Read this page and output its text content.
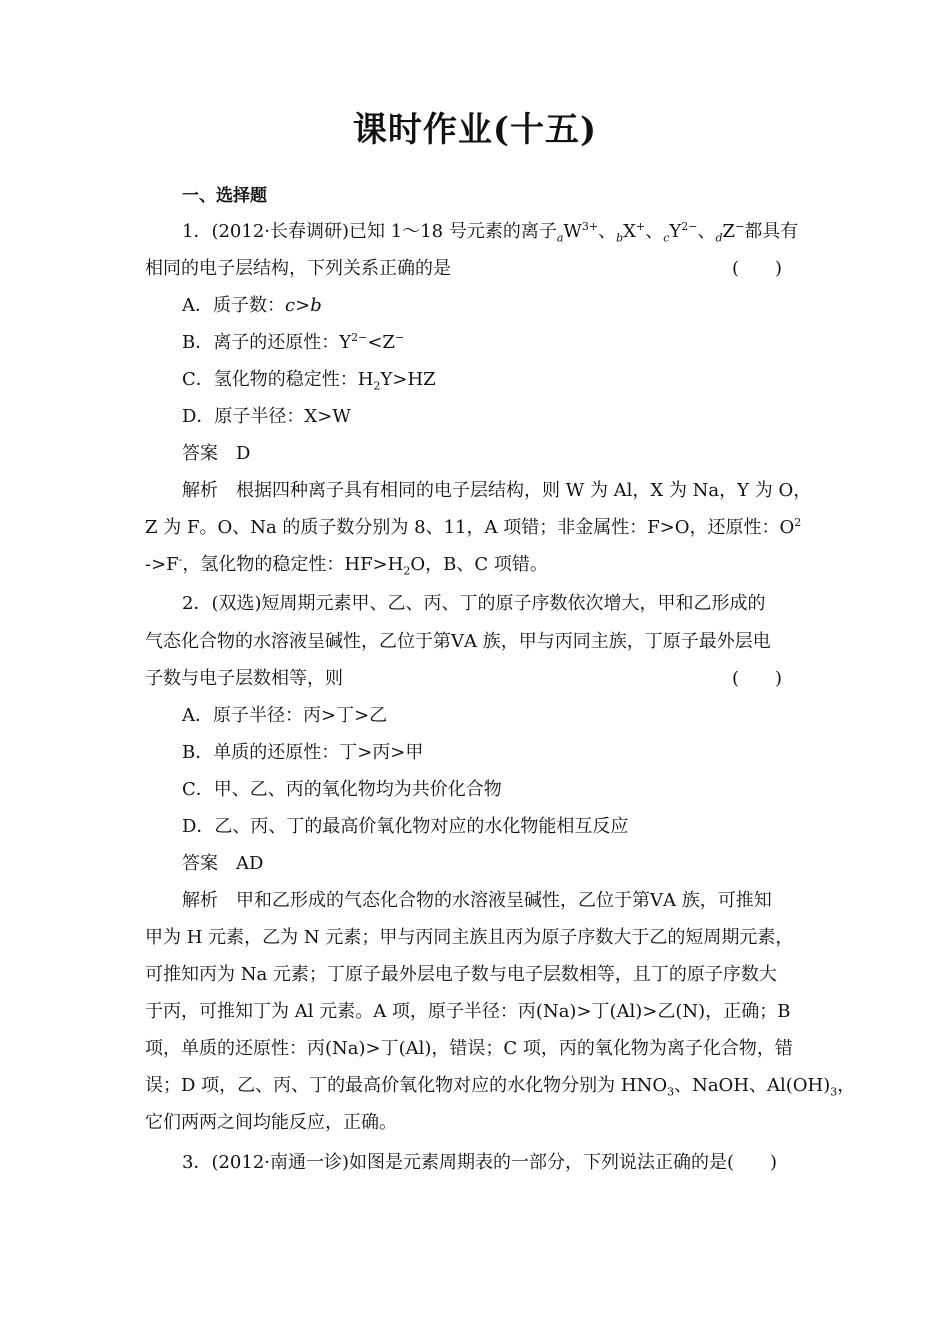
课时作业(十五)
一、选择题
1．(2012·长春调研)已知 1～18 号元素的离子$_aW^{3+}$、$_b$X+、$_cY^{2-}$、$_d$Z−都具有
相同的电子层结构，下列关系正确的是	(　　)
A．质子数：c>b
B．离子的还原性：$Y^{2-}<Z^-$
C．氢化物的稳定性：$H_2Y>HZ$
D．原子半径：X>W
答案　D
解析　根据四种离子具有相同的电子层结构，则 W 为 Al，X 为 Na，Y 为 O，
Z 为 F。O、Na 的质子数分别为 8、11，A 项错；非金属性：F>O，还原性：$O^2$
->F-，氢化物的稳定性：$HF>H_2O$，B、C 项错。
2．(双选)短周期元素甲、乙、丙、丁的原子序数依次增大，甲和乙形成的
气态化合物的水溶液呈碱性，乙位于第ⅤA 族，甲与丙同主族，丁原子最外层电
子数与电子层数相等，则	(　　)
A．原子半径：丙>丁>乙
B．单质的还原性：丁>丙>甲
C．甲、乙、丙的氧化物均为共价化合物
D．乙、丙、丁的最高价氧化物对应的水化物能相互反应
答案　AD
解析　甲和乙形成的气态化合物的水溶液呈碱性，乙位于第ⅤA 族，可推知
甲为 H 元素，乙为 N 元素；甲与丙同主族且丙为原子序数大于乙的短周期元素，
可推知丙为 Na 元素；丁原子最外层电子数与电子层数相等，且丁的原子序数大
于丙，可推知丁为 Al 元素。A 项，原子半径：丙(Na)>丁(Al)>乙(N)，正确；B
项，单质的还原性：丙(Na)>丁(Al)，错误；C 项，丙的氧化物为离子化合物，错
误；D 项，乙、丙、丁的最高价氧化物对应的水化物分别为 $HNO_3$、NaOH、$Al(OH)_3$，
它们两两之间均能反应，正确。
3．(2012·南通一诊)如图是元素周期表的一部分，下列说法正确的是(　　)
